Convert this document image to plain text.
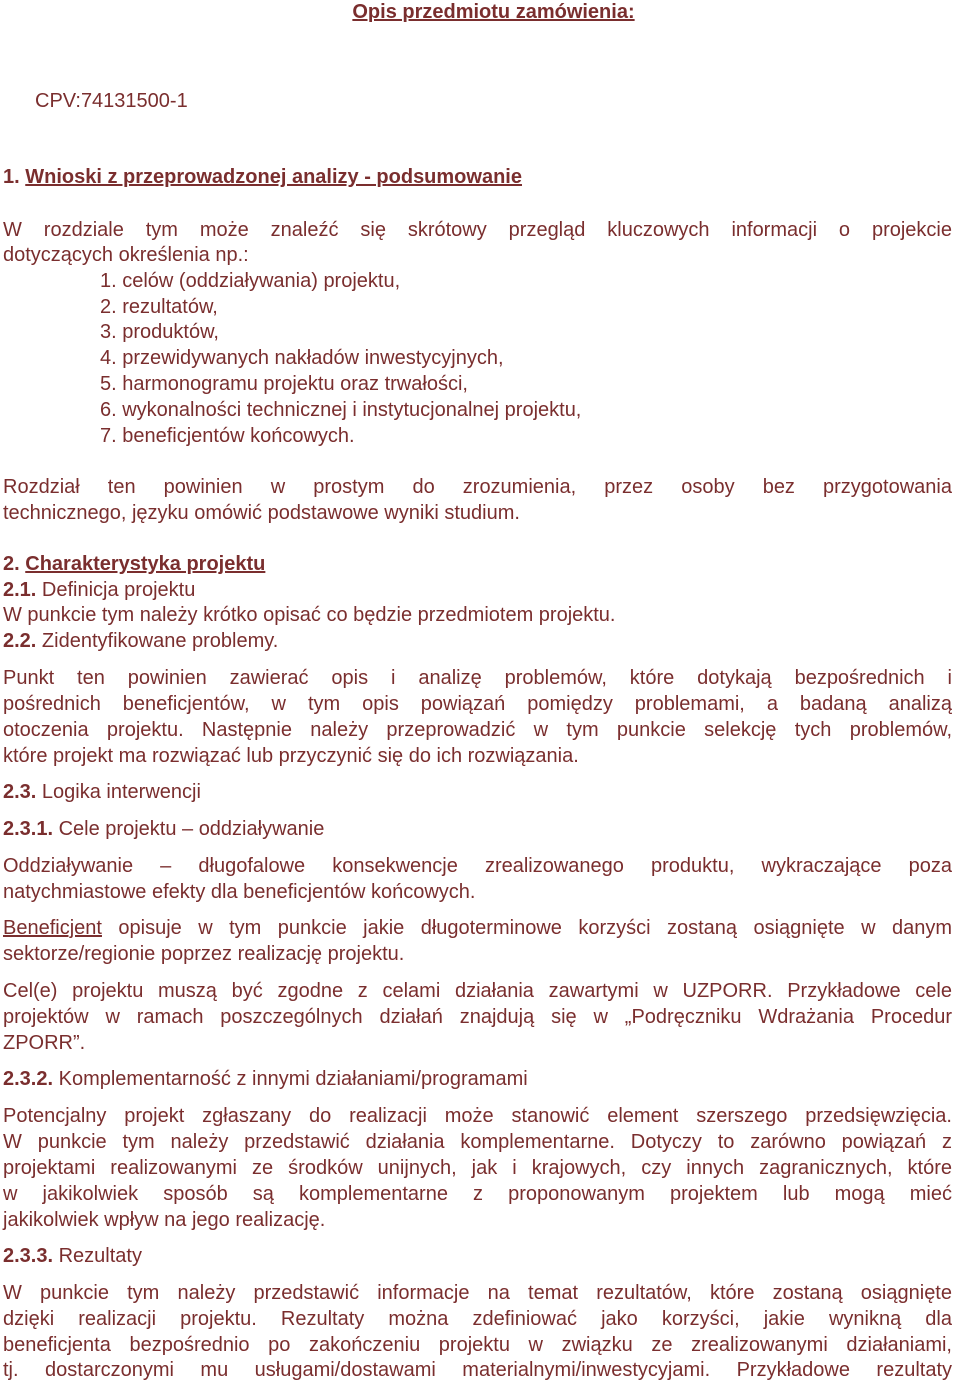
Opis przedmiotu zamówienia:
CPV:74131500-1
1. Wnioski z przeprowadzonej analizy - podsumowanie
W rozdziale tym może znaleźć się skrótowy przegląd kluczowych informacji o projekcie
dotyczących określenia np.:
1. celów (oddziaływania) projektu,
2. rezultatów,
3. produktów,
4. przewidywanych nakładów inwestycyjnych,
5. harmonogramu projektu oraz trwałości,
6. wykonalności technicznej i instytucjonalnej projektu,
7. beneficjentów końcowych.
Rozdział ten powinien w prostym do zrozumienia, przez osoby bez przygotowania
technicznego, języku omówić podstawowe wyniki studium.
2. Charakterystyka projektu
2.1. Definicja projektu
W punkcie tym należy krótko opisać co będzie przedmiotem projektu.
2.2. Zidentyfikowane problemy.
Punkt ten powinien zawierać opis i analizę problemów, które dotykają bezpośrednich i
pośrednich beneficjentów, w tym opis powiązań pomiędzy problemami, a badaną analizą
otoczenia projektu. Następnie należy przeprowadzić w tym punkcie selekcję tych problemów,
które projekt ma rozwiązać lub przyczynić się do ich rozwiązania.
2.3. Logika interwencji
2.3.1. Cele projektu – oddziaływanie
Oddziaływanie – długofalowe konsekwencje zrealizowanego produktu, wykraczające poza
natychmiastowe efekty dla beneficjentów końcowych.
Beneficjent opisuje w tym punkcie jakie długoterminowe korzyści zostaną osiągnięte w danym
sektorze/regionie poprzez realizację projektu.
Cel(e) projektu muszą być zgodne z celami działania zawartymi w UZPORR. Przykładowe cele
projektów w ramach poszczególnych działań znajdują się w „Podręczniku Wdrażania Procedur
ZPORR”.
2.3.2. Komplementarność z innymi działaniami/programami
Potencjalny projekt zgłaszany do realizacji może stanowić element szerszego przedsięwzięcia.
W punkcie tym należy przedstawić działania komplementarne. Dotyczy to zarówno powiązań z
projektami realizowanymi ze środków unijnych, jak i krajowych, czy innych zagranicznych, które
w jakikolwiek sposób są komplementarne z proponowanym projektem lub mogą mieć
jakikolwiek wpływ na jego realizację.
2.3.3. Rezultaty
W punkcie tym należy przedstawić informacje na temat rezultatów, które zostaną osiągnięte
dzięki realizacji projektu. Rezultaty można zdefiniować jako korzyści, jakie wynikną dla
beneficjenta bezpośrednio po zakończeniu projektu w związku ze zrealizowanymi działaniami,
tj. dostarczonymi mu usługami/dostawami materialnymi/inwestycyjami. Przykładowe rezultaty
